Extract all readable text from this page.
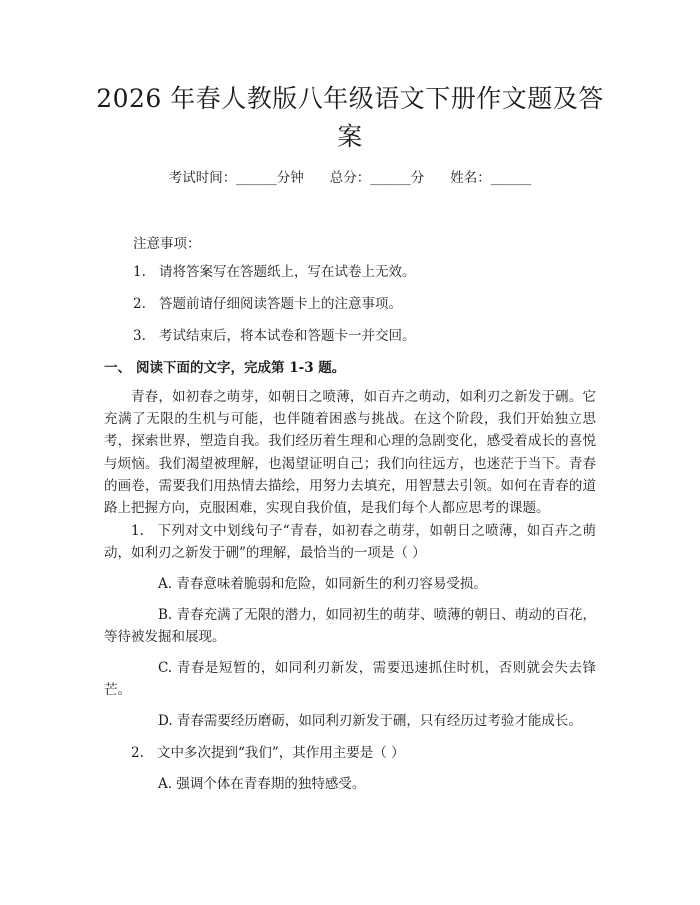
2026 年春人教版八年级语文下册作文题及答案
考试时间：______分钟 总分：______分 姓名：______
注意事项：
1. 请将答案写在答题纸上，写在试卷上无效。
2. 答题前请仔细阅读答题卡上的注意事项。
3. 考试结束后，将本试卷和答题卡一并交回。
一、 阅读下面的文字，完成第 1-3 题。
青春，如初春之萌芽，如朝日之喷薄，如百卉之萌动，如利刃之新发于硎。它充满了无限的生机与可能，也伴随着困惑与挑战。在这个阶段，我们开始独立思考，探索世界，塑造自我。我们经历着生理和心理的急剧变化，感受着成长的喜悦与烦恼。我们渴望被理解，也渴望证明自己；我们向往远方，也迷茫于当下。青春的画卷，需要我们用热情去描绘，用努力去填充，用智慧去引领。如何在青春的道路上把握方向，克服困难，实现自我价值，是我们每个人都应思考的课题。
1. 下列对文中划线句子“青春，如初春之萌芽，如朝日之喷薄，如百卉之萌动，如利刃之新发于硎”的理解，最恰当的一项是（ ）
A. 青春意味着脆弱和危险，如同新生的利刃容易受损。
B. 青春充满了无限的潜力，如同初生的萌芽、喷薄的朝日、萌动的百花，等待被发掘和展现。
C. 青春是短暂的，如同利刃新发，需要迅速抓住时机，否则就会失去锋芒。
D. 青春需要经历磨砺，如同利刃新发于硎，只有经历过考验才能成长。
2. 文中多次提到“我们”，其作用主要是（ ）
A. 强调个体在青春期的独特感受。
